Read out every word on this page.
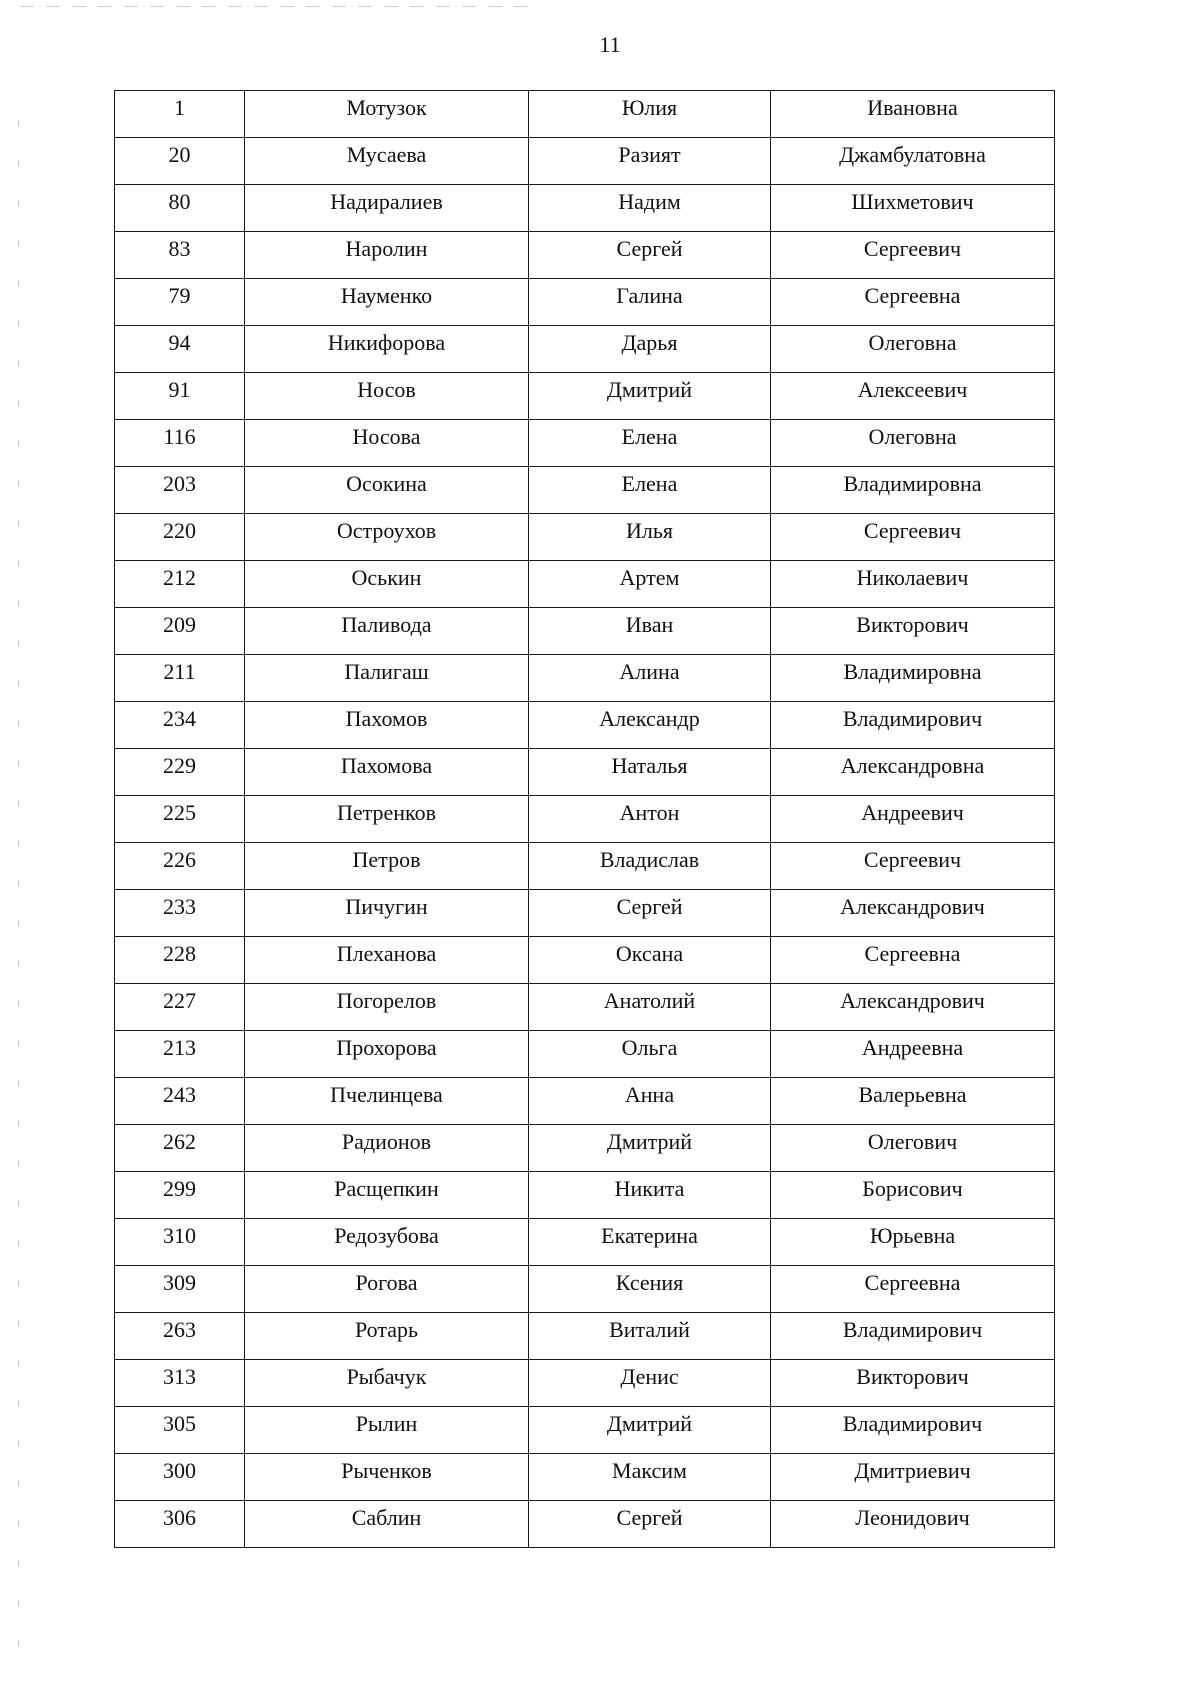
11
1	Мотузок	Юлия	Ивановна
20	Мусаева	Разият	Джамбулатовна
80	Надиралиев	Надим	Шихметович
83	Наролин	Сергей	Сергеевич
79	Науменко	Галина	Сергеевна
94	Никифорова	Дарья	Олеговна
91	Носов	Дмитрий	Алексеевич
116	Носова	Елена	Олеговна
203	Осокина	Елена	Владимировна
220	Остроухов	Илья	Сергеевич
212	Оськин	Артем	Николаевич
209	Паливода	Иван	Викторович
211	Палигаш	Алина	Владимировна
234	Пахомов	Александр	Владимирович
229	Пахомова	Наталья	Александровна
225	Петренков	Антон	Андреевич
226	Петров	Владислав	Сергеевич
233	Пичугин	Сергей	Александрович
228	Плеханова	Оксана	Сергеевна
227	Погорелов	Анатолий	Александрович
213	Прохорова	Ольга	Андреевна
243	Пчелинцева	Анна	Валерьевна
262	Радионов	Дмитрий	Олегович
299	Расщепкин	Никита	Борисович
310	Редозубова	Екатерина	Юрьевна
309	Рогова	Ксения	Сергеевна
263	Ротарь	Виталий	Владимирович
313	Рыбачук	Денис	Викторович
305	Рылин	Дмитрий	Владимирович
300	Рыченков	Максим	Дмитриевич
306	Саблин	Сергей	Леонидович
